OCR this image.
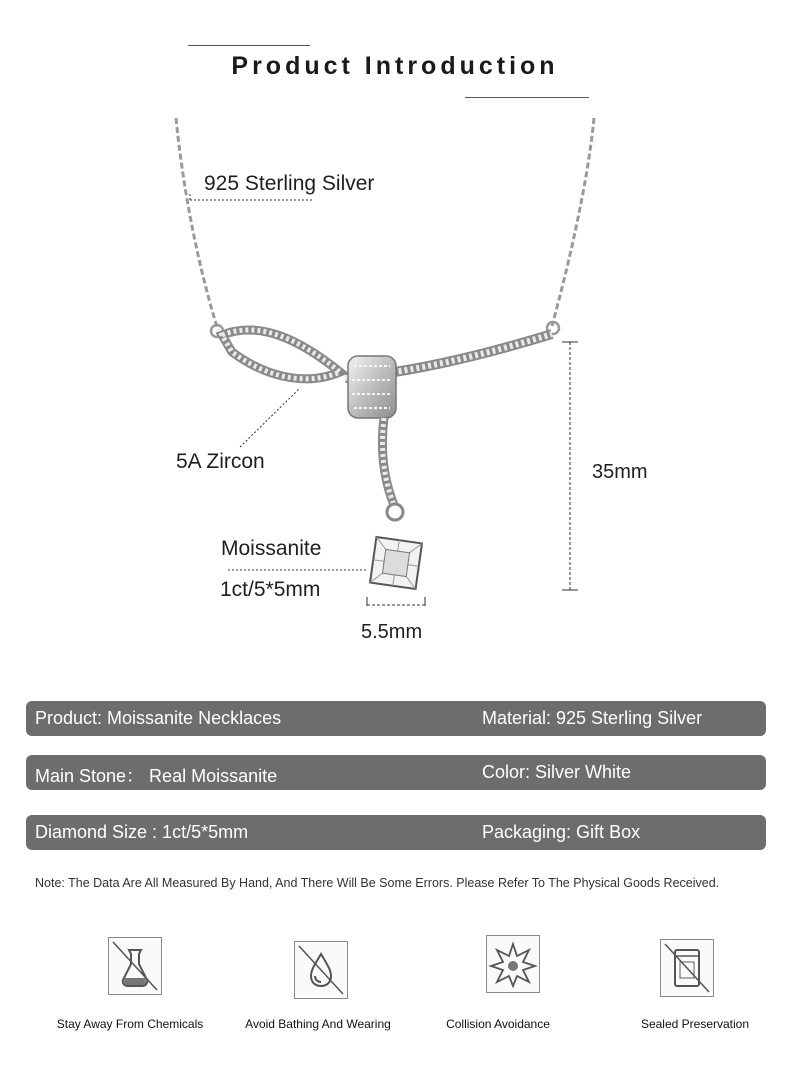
Product Introduction
925 Sterling Silver
5A Zircon
Moissanite
1ct/5*5mm
35mm
5.5mm
Product: Moissanite Necklaces	Material: 925 Sterling Silver
Main Stone： Real Moissanite	Color: Silver White
Diamond Size : 1ct/5*5mm	Packaging: Gift Box
Note: The Data Are All Measured By Hand, And There Will Be Some Errors. Please Refer To The Physical Goods Received.
Stay Away From Chemicals	Avoid Bathing And Wearing	Collision Avoidance	Sealed Preservation
